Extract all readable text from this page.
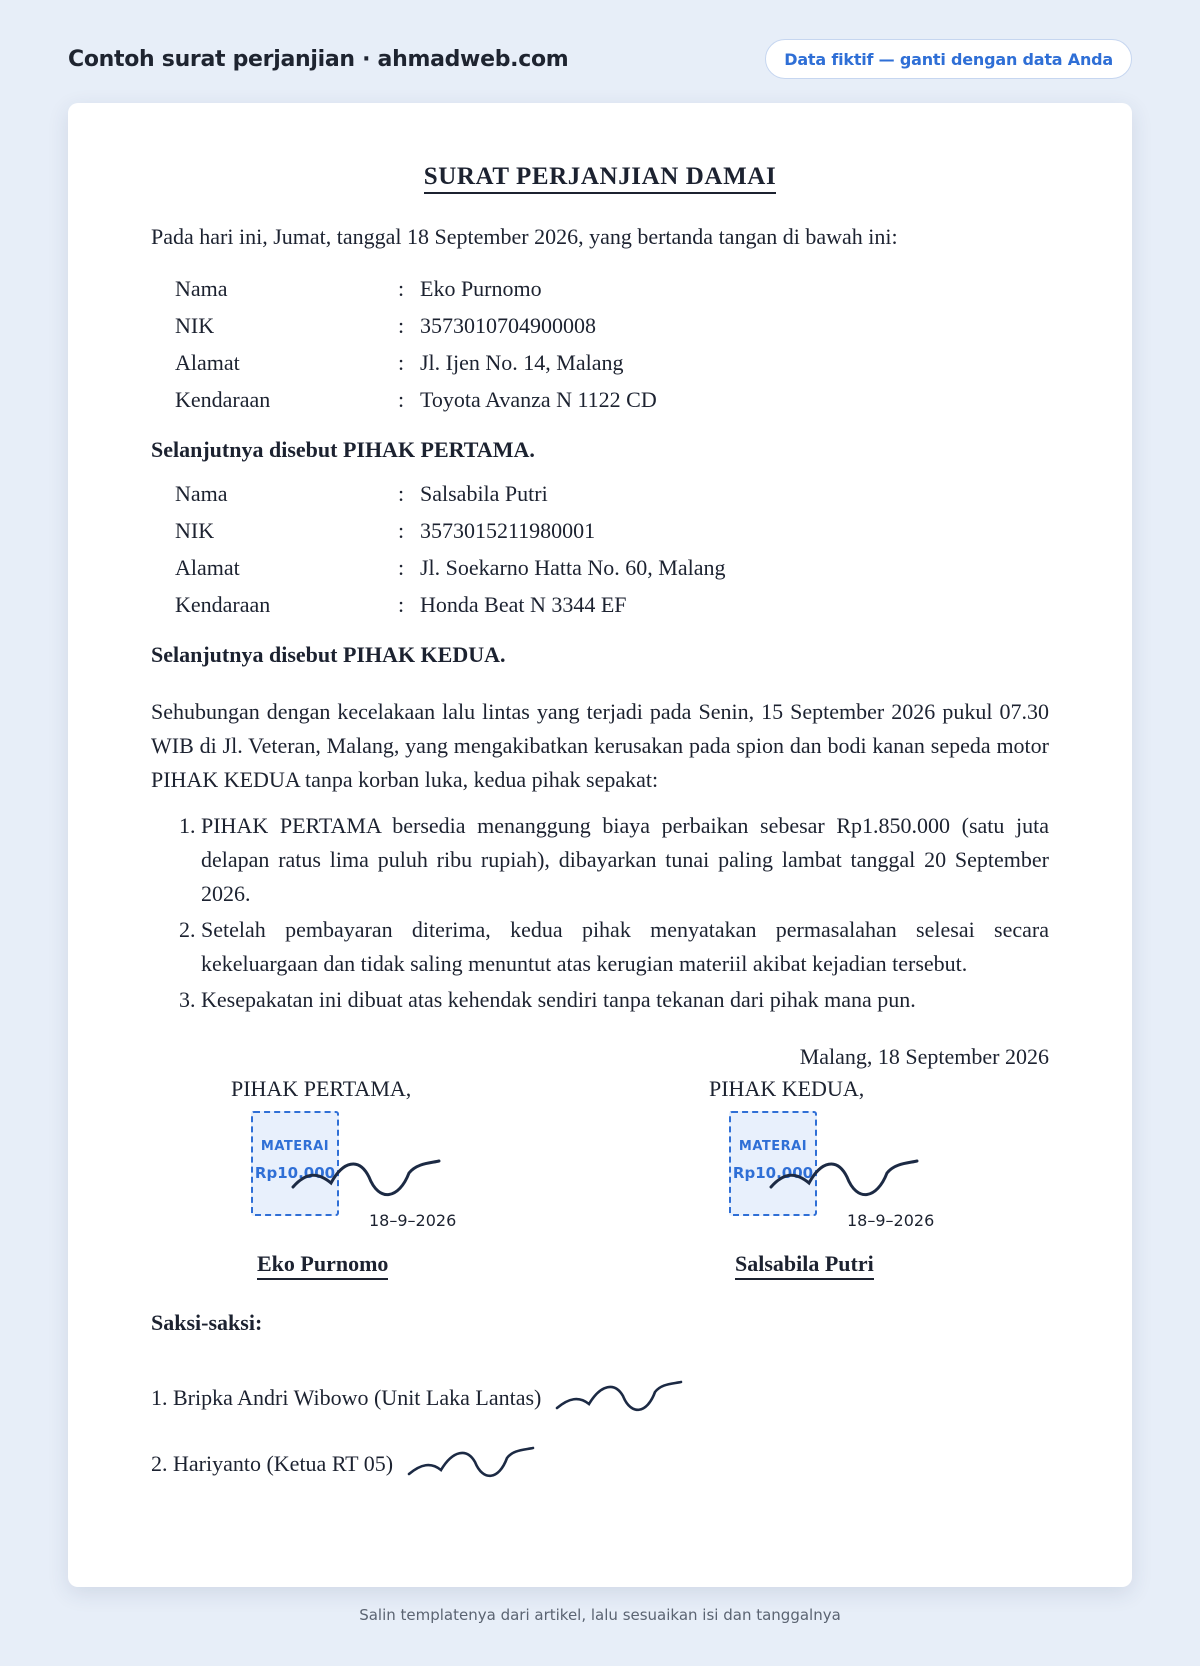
Contoh surat perjanjian · ahmadweb.com	Data fiktif — ganti dengan data Anda
SURAT PERJANJIAN DAMAI
Pada hari ini, Jumat, tanggal 18 September 2026, yang bertanda tangan di bawah ini:
Nama	: Eko Purnomo
NIK	: 3573010704900008
Alamat	: Jl. Ijen No. 14, Malang
Kendaraan	: Toyota Avanza N 1122 CD
Selanjutnya disebut PIHAK PERTAMA.
Nama	: Salsabila Putri
NIK	: 3573015211980001
Alamat	: Jl. Soekarno Hatta No. 60, Malang
Kendaraan	: Honda Beat N 3344 EF
Selanjutnya disebut PIHAK KEDUA.
Sehubungan dengan kecelakaan lalu lintas yang terjadi pada Senin, 15 September 2026 pukul 07.30 WIB di Jl. Veteran, Malang, yang mengakibatkan kerusakan pada spion dan bodi kanan sepeda motor PIHAK KEDUA tanpa korban luka, kedua pihak sepakat:
1. PIHAK PERTAMA bersedia menanggung biaya perbaikan sebesar Rp1.850.000 (satu juta delapan ratus lima puluh ribu rupiah), dibayarkan tunai paling lambat tanggal 20 September 2026.
2. Setelah pembayaran diterima, kedua pihak menyatakan permasalahan selesai secara kekeluargaan dan tidak saling menuntut atas kerugian materiil akibat kejadian tersebut.
3. Kesepakatan ini dibuat atas kehendak sendiri tanpa tekanan dari pihak mana pun.
Malang, 18 September 2026
PIHAK PERTAMA,
MATERAI
Rp10.000
18–9–2026
Eko Purnomo
PIHAK KEDUA,
MATERAI
Rp10.000
18–9–2026
Salsabila Putri
Saksi-saksi:
1. Bripka Andri Wibowo (Unit Laka Lantas)
2. Hariyanto (Ketua RT 05)
Salin templatenya dari artikel, lalu sesuaikan isi dan tanggalnya
